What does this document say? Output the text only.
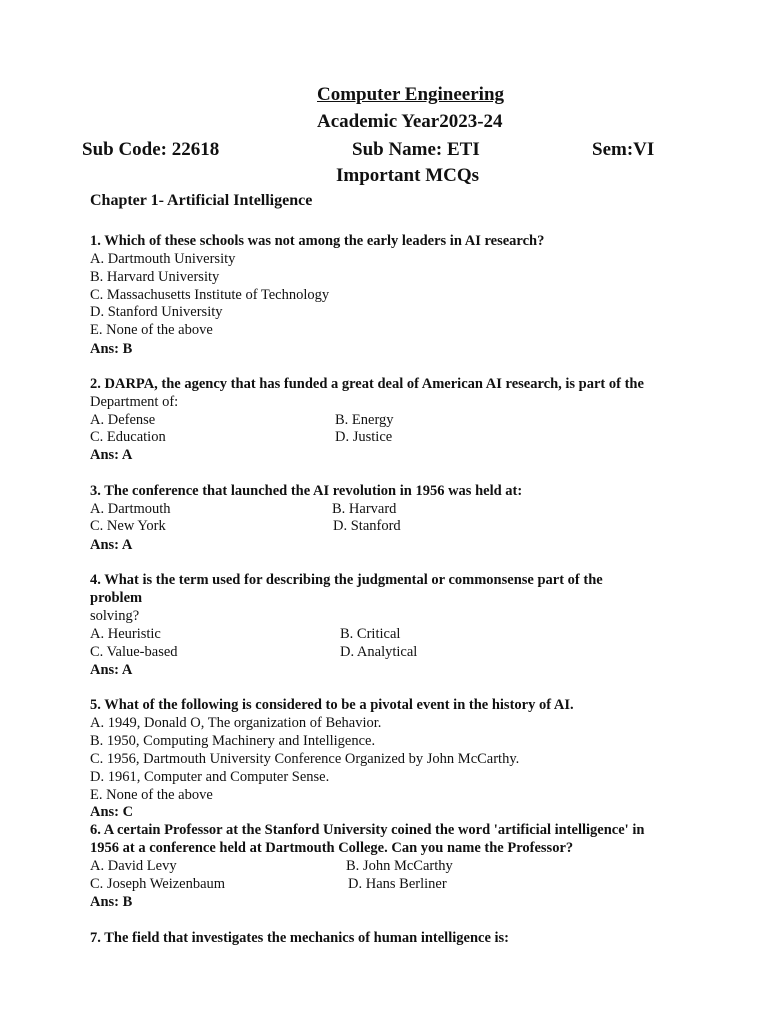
Computer Engineering
Academic Year2023-24
Sub Code: 22618	Sub Name: ETI	Sem:VI
Important MCQs
Chapter 1- Artificial Intelligence
1. Which of these schools was not among the early leaders in AI research?
A. Dartmouth University
B. Harvard University
C. Massachusetts Institute of Technology
D. Stanford University
E. None of the above
Ans: B
2. DARPA, the agency that has funded a great deal of American AI research, is part of the
Department of:
A. Defense	B. Energy
C. Education	D. Justice
Ans: A
3. The conference that launched the AI revolution in 1956 was held at:
A. Dartmouth	B. Harvard
C. New York	D. Stanford
Ans: A
4. What is the term used for describing the judgmental or commonsense part of the
problem
solving?
A. Heuristic	B. Critical
C. Value-based	D. Analytical
Ans: A
5. What of the following is considered to be a pivotal event in the history of AI.
A. 1949, Donald O, The organization of Behavior.
B. 1950, Computing Machinery and Intelligence.
C. 1956, Dartmouth University Conference Organized by John McCarthy.
D. 1961, Computer and Computer Sense.
E. None of the above
Ans: C
6. A certain Professor at the Stanford University coined the word 'artificial intelligence' in
1956 at a conference held at Dartmouth College. Can you name the Professor?
A. David Levy	B. John McCarthy
C. Joseph Weizenbaum	D. Hans Berliner
Ans: B
7. The field that investigates the mechanics of human intelligence is:
